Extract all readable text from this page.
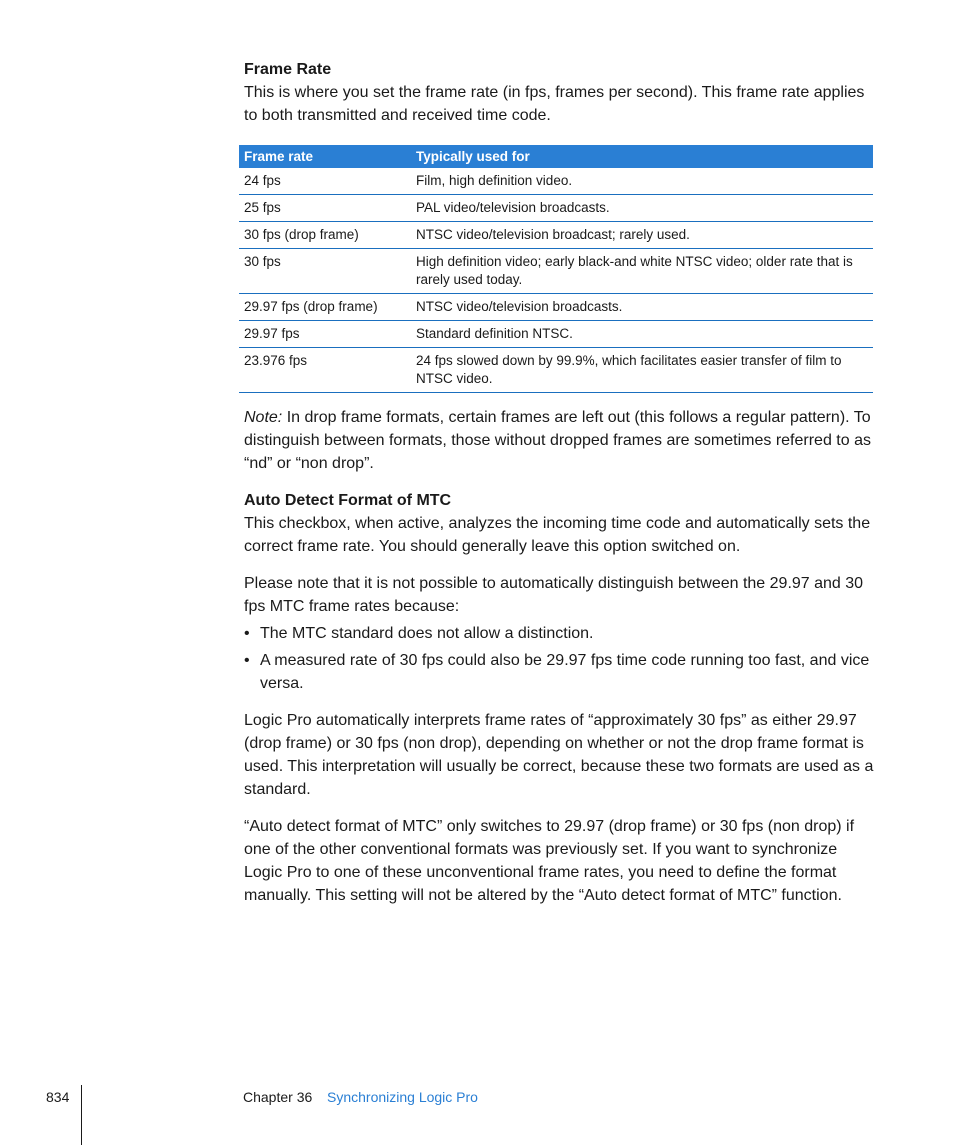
Frame Rate

This is where you set the frame rate (in fps, frames per second). This frame rate applies to both transmitted and received time code.

Frame rate	Typically used for
24 fps	Film, high definition video.
25 fps	PAL video/television broadcasts.
30 fps (drop frame)	NTSC video/television broadcast; rarely used.
30 fps	High definition video; early black-and white NTSC video; older rate that is rarely used today.
29.97 fps (drop frame)	NTSC video/television broadcasts.
29.97 fps	Standard definition NTSC.
23.976 fps	24 fps slowed down by 99.9%, which facilitates easier transfer of film to NTSC video.

Note: In drop frame formats, certain frames are left out (this follows a regular pattern). To distinguish between formats, those without dropped frames are sometimes referred to as “nd” or “non drop”.

Auto Detect Format of MTC

This checkbox, when active, analyzes the incoming time code and automatically sets the correct frame rate. You should generally leave this option switched on.

Please note that it is not possible to automatically distinguish between the 29.97 and 30 fps MTC frame rates because:

• The MTC standard does not allow a distinction.
• A measured rate of 30 fps could also be 29.97 fps time code running too fast, and vice versa.

Logic Pro automatically interprets frame rates of “approximately 30 fps” as either 29.97 (drop frame) or 30 fps (non drop), depending on whether or not the drop frame format is used. This interpretation will usually be correct, because these two formats are used as a standard.

“Auto detect format of MTC” only switches to 29.97 (drop frame) or 30 fps (non drop) if one of the other conventional formats was previously set. If you want to synchronize Logic Pro to one of these unconventional frame rates, you need to define the format manually. This setting will not be altered by the “Auto detect format of MTC” function.

834	Chapter 36 Synchronizing Logic Pro
